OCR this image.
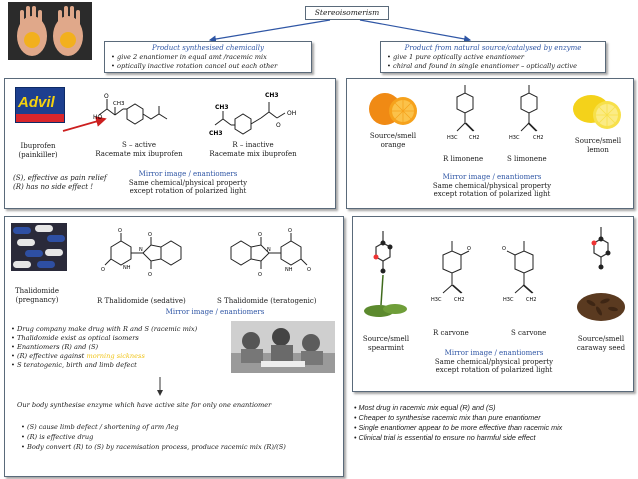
Stereoisomerism
Product synthesised chemically
• give 2 enantiomer in equal amt /racemic mix
• optically inactive rotation cancel out each other
Product from natural source/catalysed by enzyme
• give 1 pure optically active enantiomer
• chiral and found in single enantiomer – optically active
Advil
Ibuprofen
(painkiller)
HO
O
CH3
S – active
Racemate mix ibuprofen
CH3
CH3
CH3
OH
O
R – inactive
Racemate mix ibuprofen
(S), effective as pain relief
(R) has no side effect !
Mirror image / enantiomers
Same chemical/physical property
except rotation of polarized light
Source/smell
orange
CH2
H3C
R limonene
CH2
H3C
S limonene
Source/smell
lemon
Mirror image / enantiomers
Same chemical/physical property
except rotation of polarized light
Thalidomide
(pregnancy)
O
O
O
O
NH
N
R Thalidomide (sedative)
O
O
O
O
N
NH
S Thalidomide (teratogenic)
Mirror image / enantiomers
• Drug company make drug with R and S (racemic mix)
• Thalidomide exist as optical isomers
• Enantiomers (R) and (S)
• (R) effective against morning sickness
• S teratogenic, birth and limb defect
Our body synthesise enzyme which have active site for only one enantiomer
• (S) cause limb defect / shortening of arm /leg
• (R) is effective drug
• Body convert (R) to (S) by racemisation process, produce racemic mix (R)/(S)
Source/smell
spearmint
O
CH2
H3C
R carvone
O
CH2
H3C
S carvone
Source/smell
caraway seed
Mirror image / enantiomers
Same chemical/physical property
except rotation of polarized light
• Most drug in racemic mix equal (R) and (S)
• Cheaper to synthesise racemic mix than pure enantiomer
• Single enantiomer appear to be more effective than racemic mix
• Clinical trial is essential to ensure no harmful side effect
